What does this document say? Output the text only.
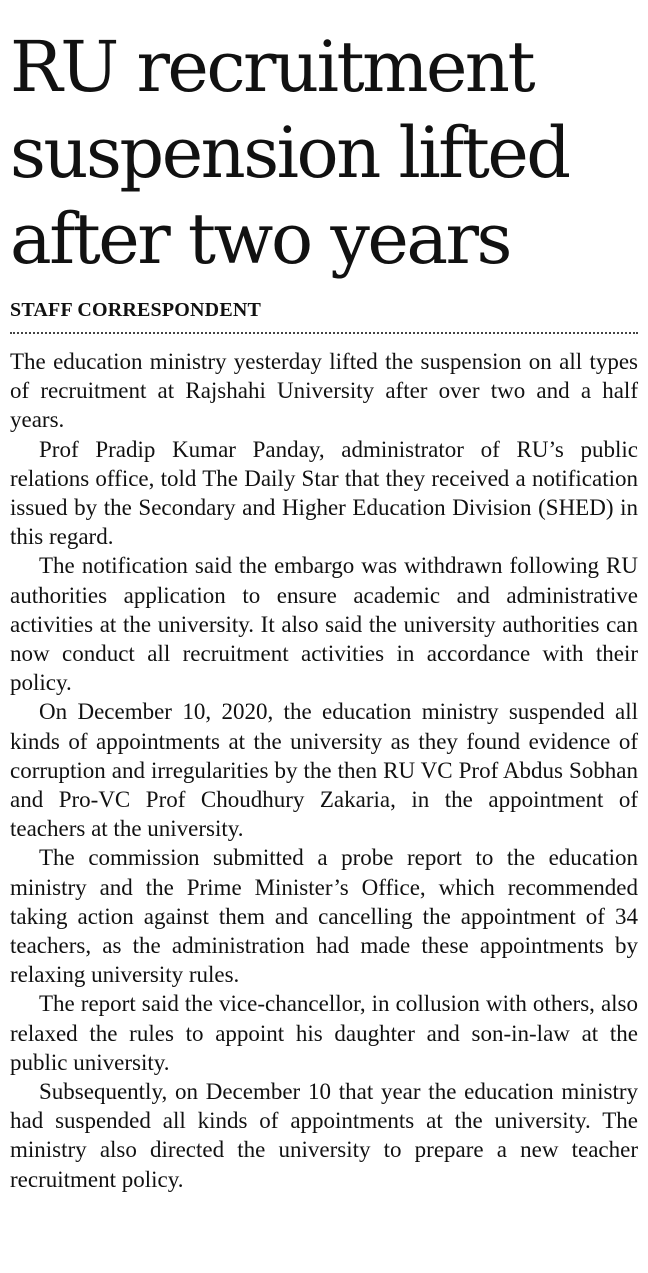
RU recruitment
suspension lifted
after two years
STAFF CORRESPONDENT

The education ministry yesterday lifted the suspension on all types of recruitment at Rajshahi University after over two and a half years.

Prof Pradip Kumar Panday, administrator of RU’s public relations office, told The Daily Star that they received a notification issued by the Secondary and Higher Education Division (SHED) in this regard.

The notification said the embargo was withdrawn following RU authorities application to ensure academic and administrative activities at the university. It also said the university authorities can now conduct all recruitment activities in accordance with their policy.

On December 10, 2020, the education ministry suspended all kinds of appointments at the university as they found evidence of corruption and irregularities by the then RU VC Prof Abdus Sobhan and Pro-VC Prof Choudhury Zakaria, in the appointment of teachers at the university.

The commission submitted a probe report to the education ministry and the Prime Minister’s Office, which recommended taking action against them and cancelling the appointment of 34 teachers, as the administration had made these appointments by relaxing university rules.

The report said the vice-chancellor, in collusion with others, also relaxed the rules to appoint his daughter and son-in-law at the public university.

Subsequently, on December 10 that year the education ministry had suspended all kinds of appointments at the university. The ministry also directed the university to prepare a new teacher recruitment policy.
